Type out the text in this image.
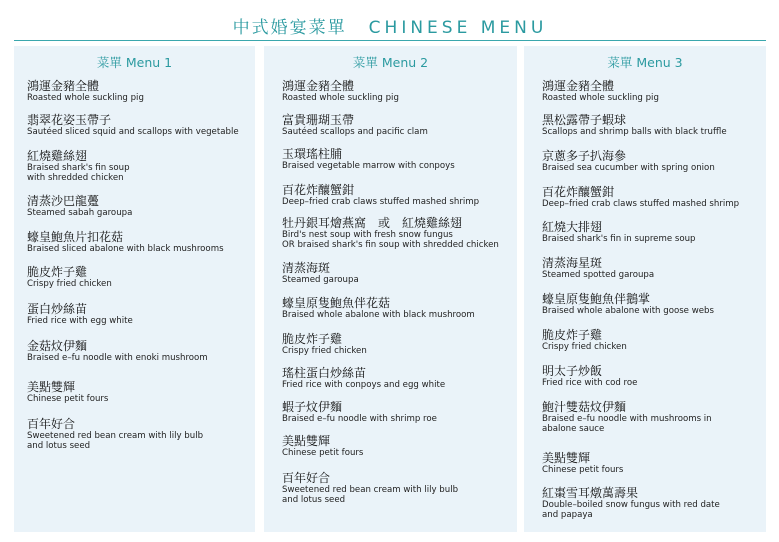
中式婚宴菜單 CHINESE MENU
菜單 Menu 1
鴻運金豬全體
Roasted whole suckling pig
翡翠花姿玉帶子
Sautéed sliced squid and scallops with vegetable
紅燒雞絲翅
Braised shark's fin soup
with shredded chicken
清蒸沙巴龍躉
Steamed sabah garoupa
蠔皇鮑魚片扣花菇
Braised sliced abalone with black mushrooms
脆皮炸子雞
Crispy fried chicken
蛋白炒絲苗
Fried rice with egg white
金菇炆伊麵
Braised e–fu noodle with enoki mushroom
美點雙輝
Chinese petit fours
百年好合
Sweetened red bean cream with lily bulb
and lotus seed
菜單 Menu 2
鴻運金豬全體
Roasted whole suckling pig
富貴珊瑚玉帶
Sautéed scallops and pacific clam
玉環瑤柱脯
Braised vegetable marrow with conpoys
百花炸釀蟹鉗
Deep–fried crab claws stuffed mashed shrimp
牡丹銀耳燴燕窩　或　紅燒雞絲翅
Bird's nest soup with fresh snow fungus
OR braised shark's fin soup with shredded chicken
清蒸海斑
Steamed garoupa
蠔皇原隻鮑魚伴花菇
Braised whole abalone with black mushroom
脆皮炸子雞
Crispy fried chicken
瑤柱蛋白炒絲苗
Fried rice with conpoys and egg white
蝦子炆伊麵
Braised e–fu noodle with shrimp roe
美點雙輝
Chinese petit fours
百年好合
Sweetened red bean cream with lily bulb
and lotus seed
菜單 Menu 3
鴻運金豬全體
Roasted whole suckling pig
黑松露帶子蝦球
Scallops and shrimp balls with black truffle
京蔥多子扒海參
Braised sea cucumber with spring onion
百花炸釀蟹鉗
Deep–fried crab claws stuffed mashed shrimp
紅燒大排翅
Braised shark's fin in supreme soup
清蒸海星斑
Steamed spotted garoupa
蠔皇原隻鮑魚伴鵝掌
Braised whole abalone with goose webs
脆皮炸子雞
Crispy fried chicken
明太子炒飯
Fried rice with cod roe
鮑汁雙菇炆伊麵
Braised e–fu noodle with mushrooms in
abalone sauce
美點雙輝
Chinese petit fours
紅棗雪耳燉萬壽果
Double–boiled snow fungus with red date
and papaya
